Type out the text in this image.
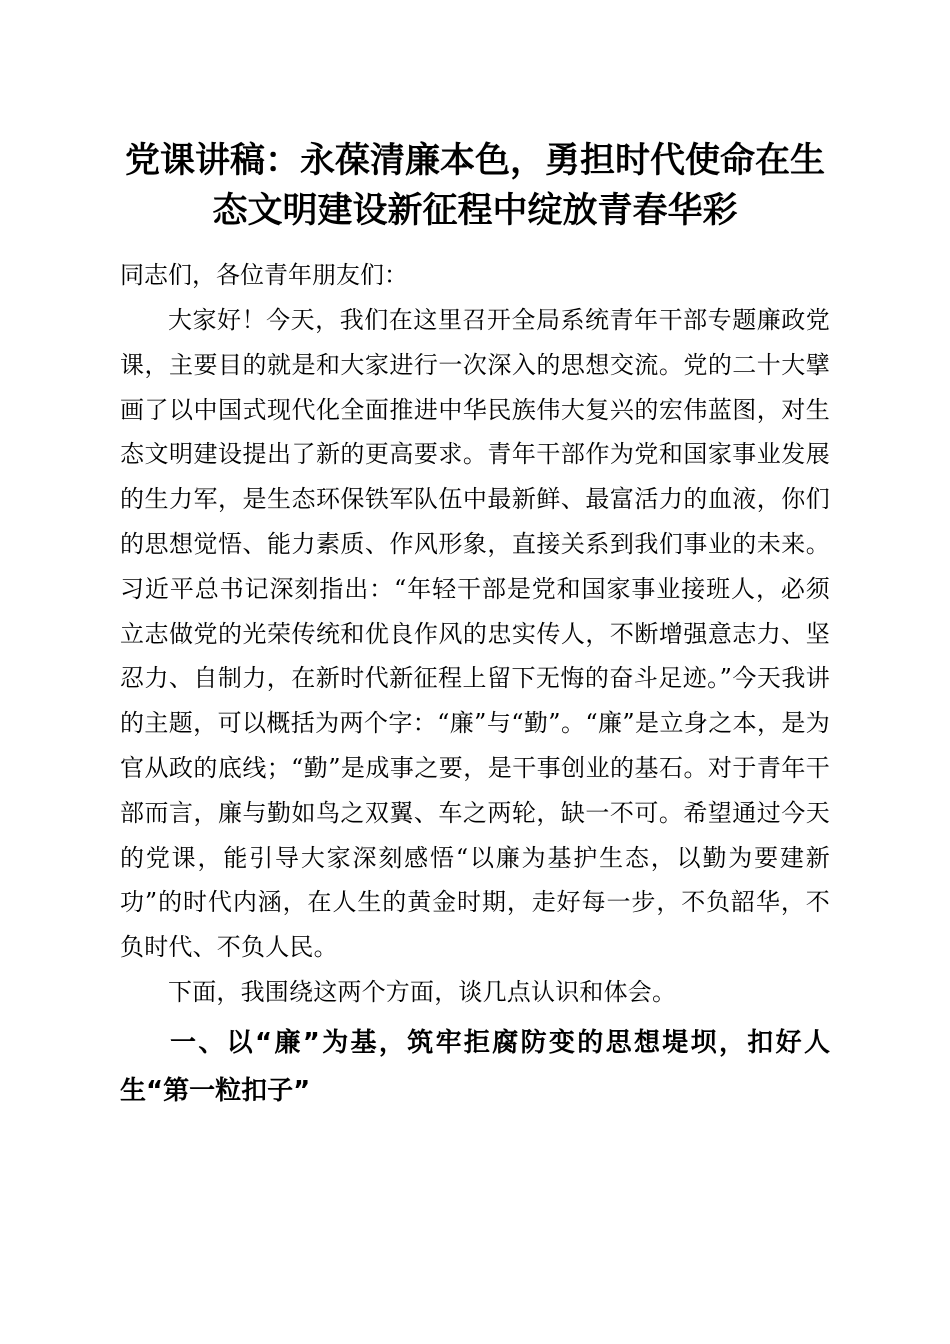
党课讲稿：永葆清廉本色，勇担时代使命在生态文明建设新征程中绽放青春华彩

同志们，各位青年朋友们：

大家好！今天，我们在这里召开全局系统青年干部专题廉政党课，主要目的就是和大家进行一次深入的思想交流。党的二十大擘画了以中国式现代化全面推进中华民族伟大复兴的宏伟蓝图，对生态文明建设提出了新的更高要求。青年干部作为党和国家事业发展的生力军，是生态环保铁军队伍中最新鲜、最富活力的血液，你们的思想觉悟、能力素质、作风形象，直接关系到我们事业的未来。习近平总书记深刻指出：“年轻干部是党和国家事业接班人，必须立志做党的光荣传统和优良作风的忠实传人，不断增强意志力、坚忍力、自制力，在新时代新征程上留下无悔的奋斗足迹。”今天我讲的主题，可以概括为两个字：“廉”与“勤”。“廉”是立身之本，是为官从政的底线；“勤”是成事之要，是干事创业的基石。对于青年干部而言，廉与勤如鸟之双翼、车之两轮，缺一不可。希望通过今天的党课，能引导大家深刻感悟“以廉为基护生态，以勤为要建新功”的时代内涵，在人生的黄金时期，走好每一步，不负韶华，不负时代、不负人民。

下面，我围绕这两个方面，谈几点认识和体会。

一、以“廉”为基，筑牢拒腐防变的思想堤坝，扣好人生“第一粒扣子”
